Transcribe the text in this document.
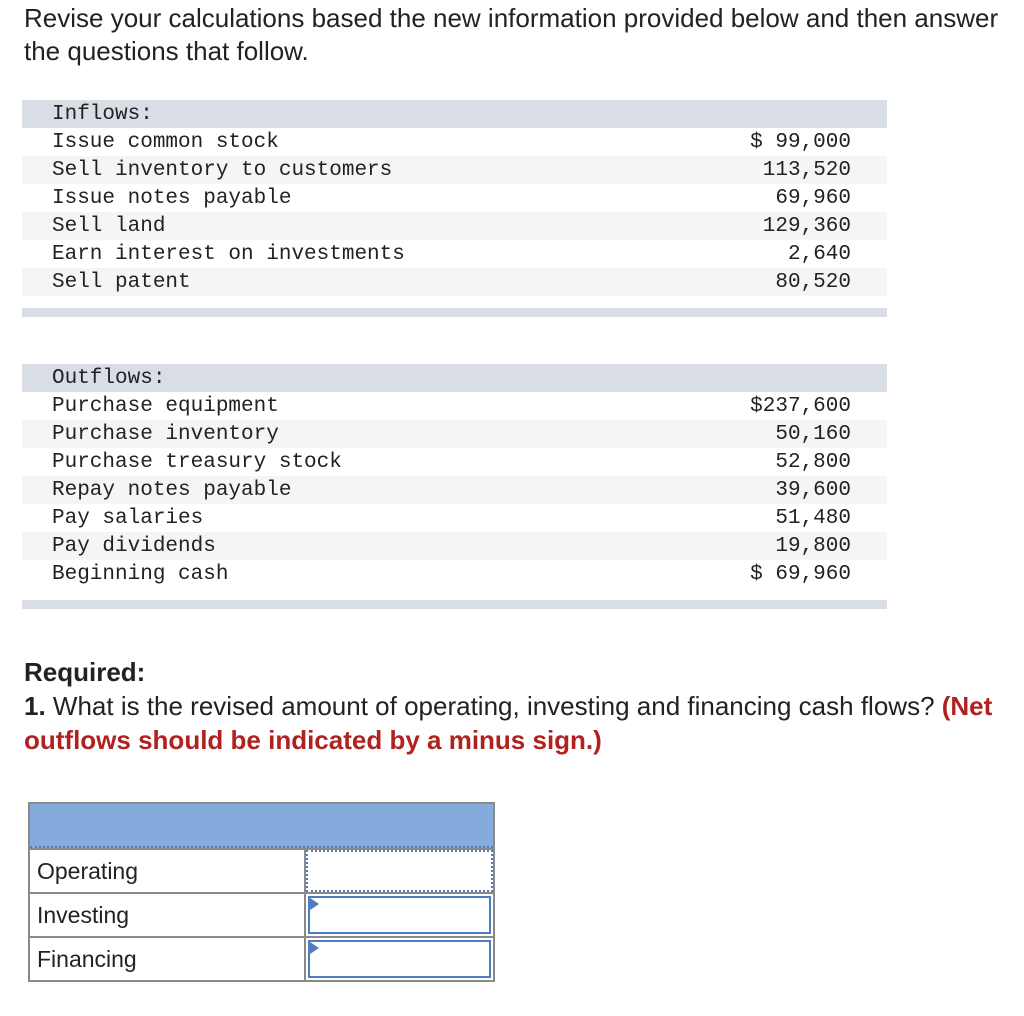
Revise your calculations based the new information provided below and then answer the questions that follow.
Inflows:
Issue common stock	$ 99,000
Sell inventory to customers	113,520
Issue notes payable	69,960
Sell land	129,360
Earn interest on investments	2,640
Sell patent	80,520
Outflows:
Purchase equipment	$237,600
Purchase inventory	50,160
Purchase treasury stock	52,800
Repay notes payable	39,600
Pay salaries	51,480
Pay dividends	19,800
Beginning cash	$ 69,960
Required:
1. What is the revised amount of operating, investing and financing cash flows? (Net outflows should be indicated by a minus sign.)
Operating
Investing
Financing
